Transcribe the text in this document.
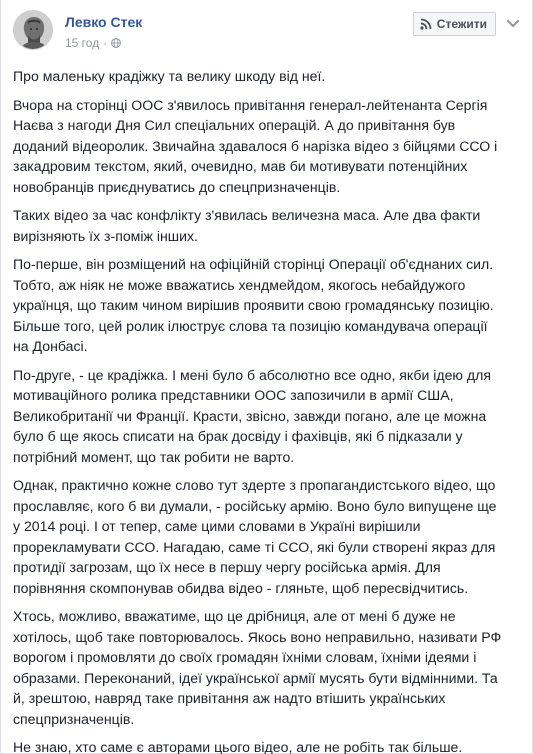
Левко Стек
15 год ·
Стежити

Про маленьку крадіжку та велику шкоду від неї.

Вчора на сторінці ООС з'явилось привітання генерал-лейтенанта Сергія
Наєва з нагоди Дня Сил спеціальних операцій. А до привітання був
доданий відеоролик. Звичайна здавалося б нарізка відео з бійцями ССО і
закадровим текстом, який, очевидно, мав би мотивувати потенційних
новобранців приєднуватись до спецпризначенців.

Таких відео за час конфлікту з'явилась величезна маса. Але два факти
вирізняють їх з-поміж інших.

По-перше, він розміщений на офіційній сторінці Операції об'єднаних сил.
Тобто, аж ніяк не може вважатись хендмейдом, якогось небайдужого
українця, що таким чином вирішив проявити свою громадянську позицію.
Більше того, цей ролик ілюструє слова та позицію командувача операції
на Донбасі.

По-друге, - це крадіжка. І мені було б абсолютно все одно, якби ідею для
мотиваційного ролика представники ООС запозичили в армії США,
Великобританії чи Франції. Красти, звісно, завжди погано, але це можна
було б ще якось списати на брак досвіду і фахівців, які б підказали у
потрібний момент, що так робити не варто.

Однак, практично кожне слово тут здерте з пропагандистського відео, що
прославляє, кого б ви думали, - російську армію. Воно було випущене ще
у 2014 році. І от тепер, саме цими словами в Україні вирішили
прорекламувати ССО. Нагадаю, саме ті ССО, які були створені якраз для
протидії загрозам, що їх несе в першу чергу російська армія. Для
порівняння скомпонував обидва відео - гляньте, щоб пересвідчитись.

Хтось, можливо, вважатиме, що це дрібниця, але от мені б дуже не
хотілось, щоб таке повторювалось. Якось воно неправильно, називати РФ
ворогом і промовляти до своїх громадян їхніми словам, їхніми ідеями і
образами. Переконаний, ідеї української армії мусять бути відмінними. Та
й, зрештою, навряд таке привітання аж надто втішить українських
спецпризначенців.

Не знаю, хто саме є авторами цього відео, але не робіть так більше.
